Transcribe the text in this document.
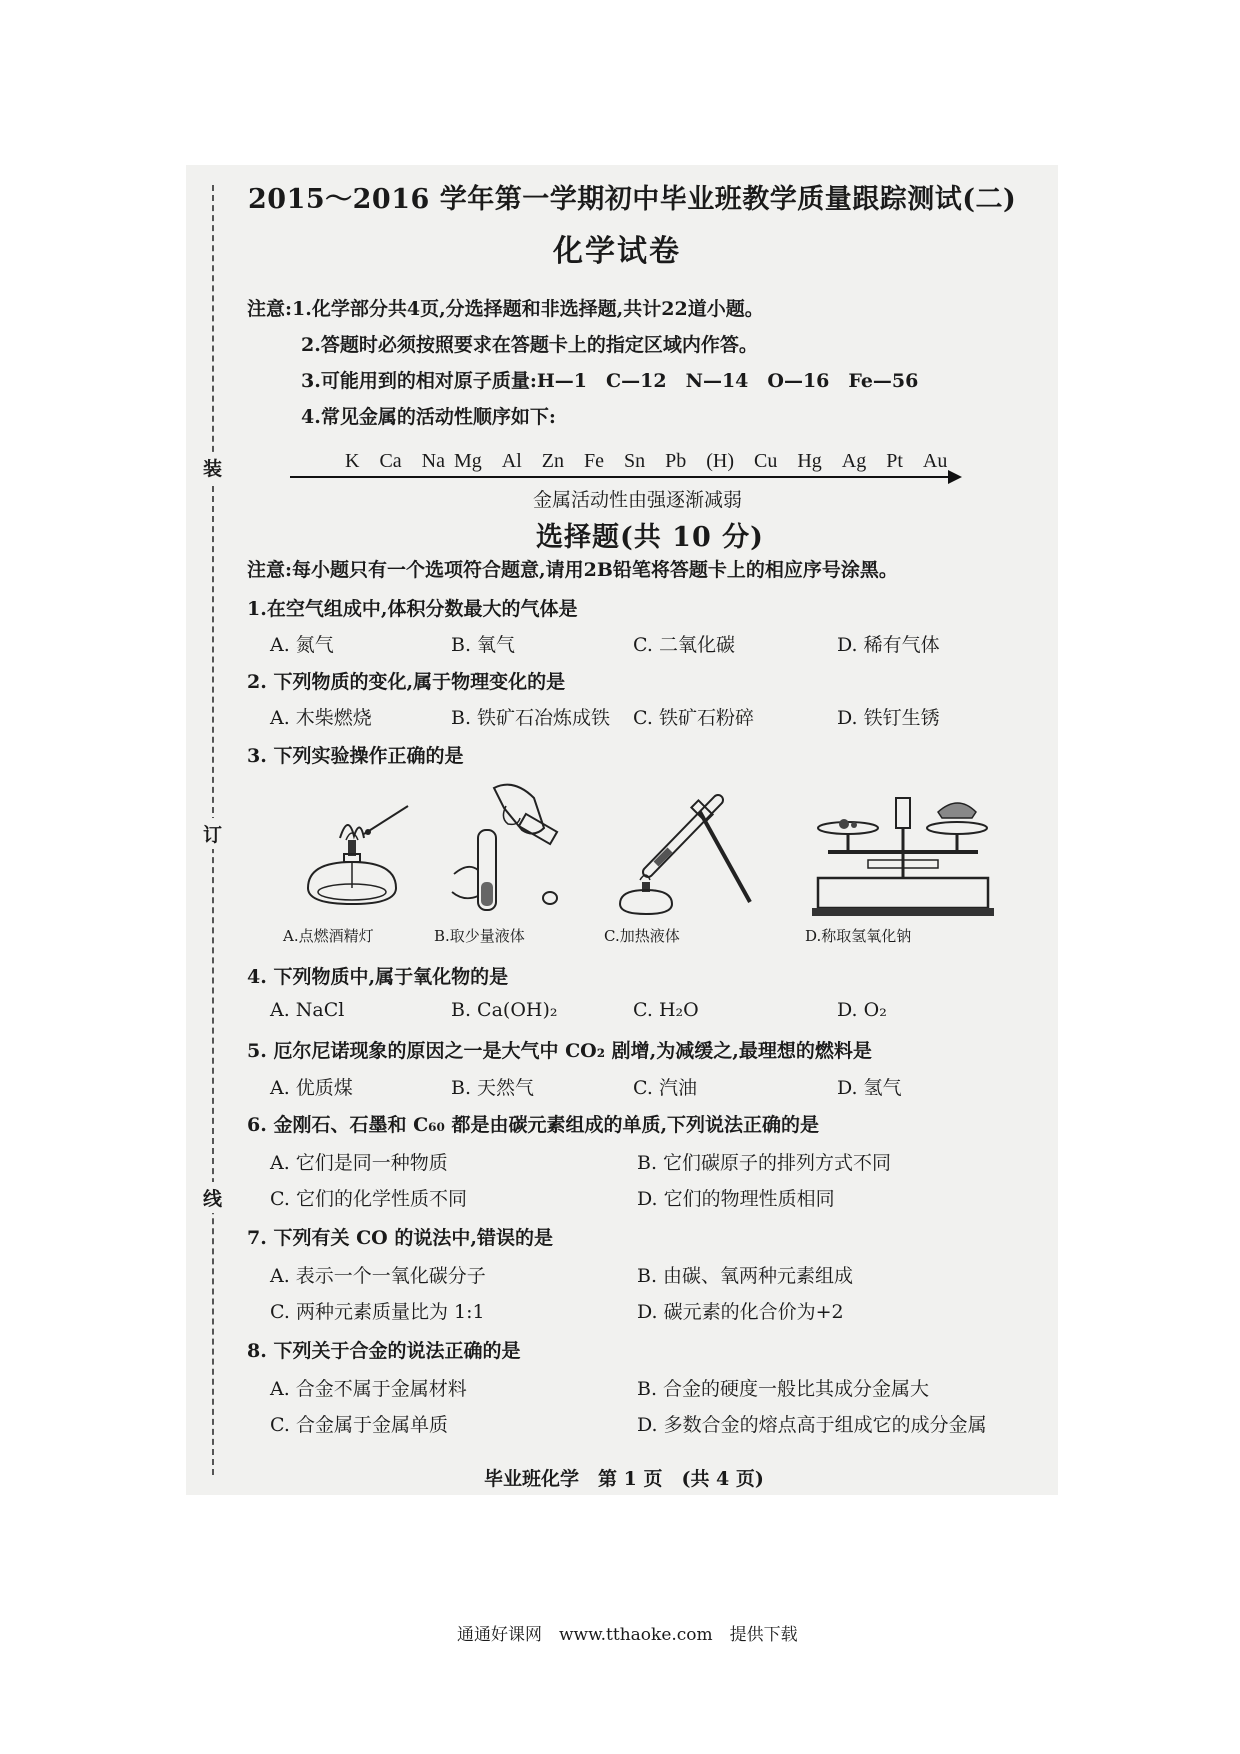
装
订
线
2015～2016 学年第一学期初中毕业班教学质量跟踪测试(二)
化学试卷
注意:1.化学部分共4页,分选择题和非选择题,共计22道小题。
2.答题时必须按照要求在答题卡上的指定区域内作答。
3.可能用到的相对原子质量:H—1　C—12　N—14　O—16　Fe—56
4.常见金属的活动性顺序如下:
K　Ca　Na Mg　Al　Zn　Fe　Sn　Pb　(H)　Cu　Hg　Ag　Pt　Au
金属活动性由强逐渐减弱
选择题(共 10 分)
注意:每小题只有一个选项符合题意,请用2B铅笔将答题卡上的相应序号涂黑。
1.在空气组成中,体积分数最大的气体是
A. 氮气	B. 氧气	C. 二氧化碳	D. 稀有气体
2. 下列物质的变化,属于物理变化的是
A. 木柴燃烧	B. 铁矿石冶炼成铁 C. 铁矿石粉碎	D. 铁钉生锈
3. 下列实验操作正确的是
A.点燃酒精灯	B.取少量液体	C.加热液体	D.称取氢氧化钠
4. 下列物质中,属于氧化物的是
A. NaCl	B. Ca(OH)₂	C. H₂O	D. O₂
5. 厄尔尼诺现象的原因之一是大气中 CO₂ 剧增,为减缓之,最理想的燃料是
A. 优质煤	B. 天然气	C. 汽油	D. 氢气
6. 金刚石、石墨和 C₆₀ 都是由碳元素组成的单质,下列说法正确的是
A. 它们是同一种物质	B. 它们碳原子的排列方式不同
C. 它们的化学性质不同	D. 它们的物理性质相同
7. 下列有关 CO 的说法中,错误的是
A. 表示一个一氧化碳分子	B. 由碳、氧两种元素组成
C. 两种元素质量比为 1:1	D. 碳元素的化合价为+2
8. 下列关于合金的说法正确的是
A. 合金不属于金属材料	B. 合金的硬度一般比其成分金属大
C. 合金属于金属单质	D. 多数合金的熔点高于组成它的成分金属
毕业班化学　第 1 页　(共 4 页)
通通好课网　www.tthaoke.com　提供下载
